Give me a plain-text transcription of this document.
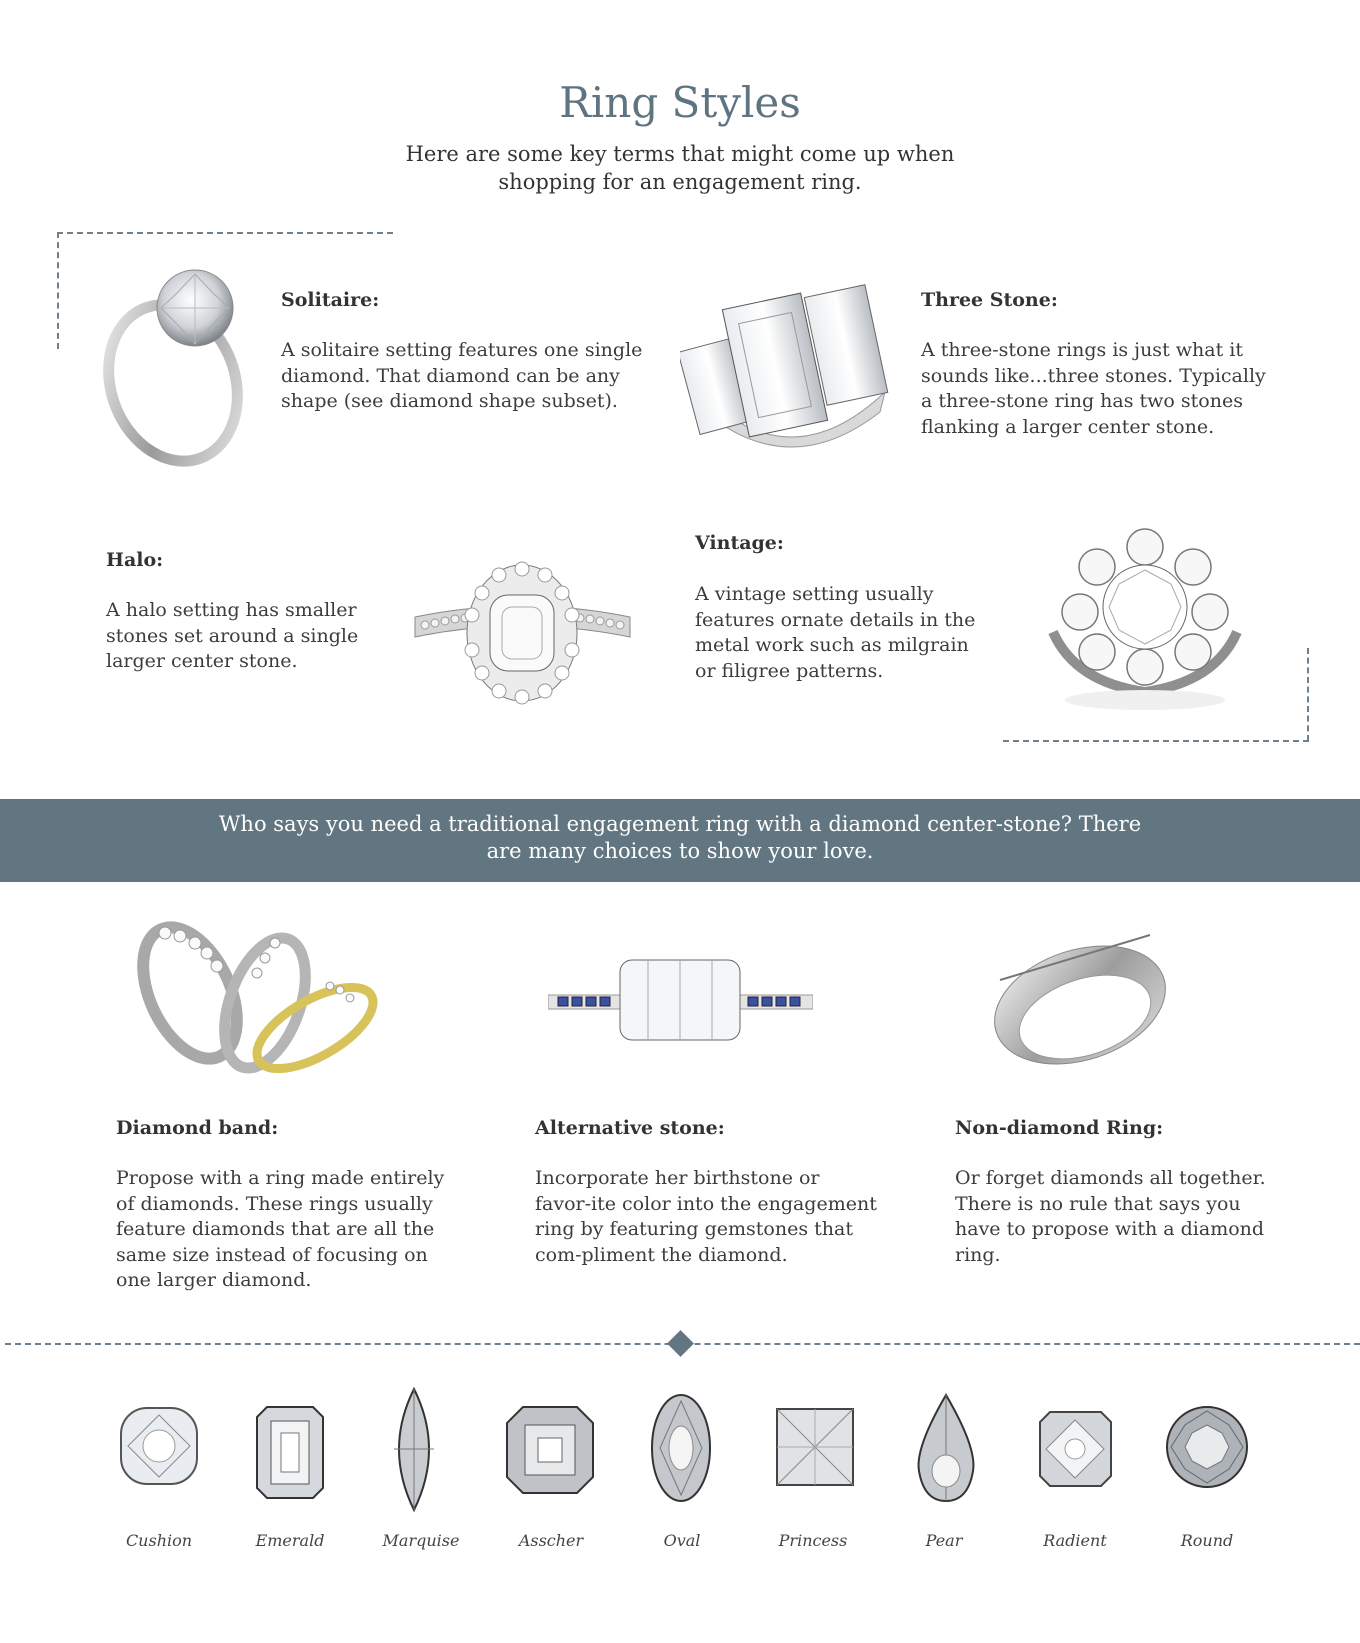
Ring Styles

Here are some key terms that might come up when shopping for an engagement ring.

Solitaire:
A solitaire setting features one single diamond. That diamond can be any shape (see diamond shape subset).
Three Stone:
A three-stone rings is just what it sounds like...three stones. Typically a three-stone ring has two stones flanking a larger center stone.
Halo:
A halo setting has smaller stones set around a single larger center stone.
Vintage:
A vintage setting usually features ornate details in the metal work such as milgrain or filigree patterns.
Who says you need a traditional engagement ring with a diamond center-stone? There are many choices to show your love.
Diamond band:
Propose with a ring made entirely of diamonds. These rings usually feature diamonds that are all the same size instead of focusing on one larger diamond.
Alternative stone:
Incorporate her birthstone or favor-ite color into the engagement ring by featuring gemstones that com-pliment the diamond.
Non-diamond Ring:
Or forget diamonds all together. There is no rule that says you have to propose with a diamond ring.
Cushion	Emerald	Marquise	Asscher	Oval	Princess	Pear	Radient	Round
